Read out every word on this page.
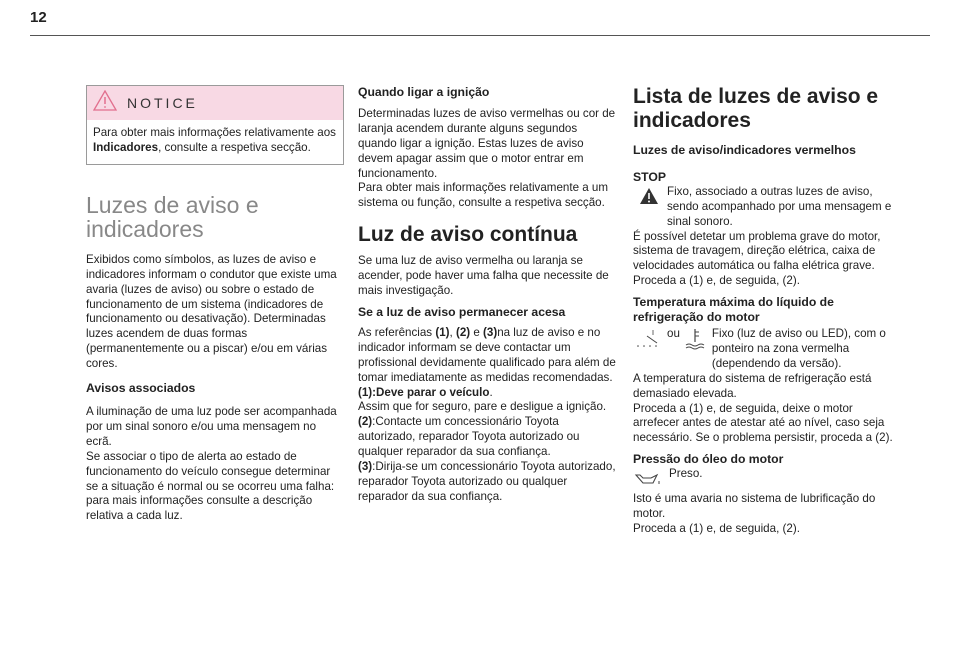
12
NOTICE
Para obter mais informações relativamente aos Indicadores, consulte a respetiva secção.
Luzes de aviso e indicadores

Exibidos como símbolos, as luzes de aviso e indicadores informam o condutor que existe uma avaria (luzes de aviso) ou sobre o estado de funcionamento de um sistema (indicadores de funcionamento ou desativação). Determinadas luzes acendem de duas formas (permanentemente ou a piscar) e/ou em várias cores.

Avisos associados

A iluminação de uma luz pode ser acompanhada por um sinal sonoro e/ou uma mensagem no ecrã.

Se associar o tipo de alerta ao estado de funcionamento do veículo consegue determinar se a situação é normal ou se ocorreu uma falha: para mais informações consulte a descrição relativa a cada luz.

Quando ligar a ignição

Determinadas luzes de aviso vermelhas ou cor de laranja acendem durante alguns segundos quando ligar a ignição. Estas luzes de aviso devem apagar assim que o motor entrar em funcionamento.

Para obter mais informações relativamente a um sistema ou função, consulte a respetiva secção.

Luz de aviso contínua

Se uma luz de aviso vermelha ou laranja se acender, pode haver uma falha que necessite de mais investigação.

Se a luz de aviso permanecer acesa

As referências (1), (2) e (3)na luz de aviso e no indicador informam se deve contactar um profissional devidamente qualificado para além de tomar imediatamente as medidas recomendadas.

(1):Deve parar o veículo.

Assim que for seguro, pare e desligue a ignição.

(2):Contacte um concessionário Toyota autorizado, reparador Toyota autorizado ou qualquer reparador da sua confiança.

(3):Dirija-se um concessionário Toyota autorizado, reparador Toyota autorizado ou qualquer reparador da sua confiança.

Lista de luzes de aviso e indicadores

Luzes de aviso/indicadores vermelhos

STOP

Fixo, associado a outras luzes de aviso, sendo acompanhado por uma mensagem e sinal sonoro.

É possível detetar um problema grave do motor, sistema de travagem, direção elétrica, caixa de velocidades automática ou falha elétrica grave.

Proceda a (1) e, de seguida, (2).

Temperatura máxima do líquido de refrigeração do motor

ou	Fixo (luz de aviso ou LED), com o ponteiro na zona vermelha (dependendo da versão).

A temperatura do sistema de refrigeração está demasiado elevada.

Proceda a (1) e, de seguida, deixe o motor arrefecer antes de atestar até ao nível, caso seja necessário. Se o problema persistir, proceda a (2).

Pressão do óleo do motor

Preso.

Isto é uma avaria no sistema de lubrificação do motor.

Proceda a (1) e, de seguida, (2).
